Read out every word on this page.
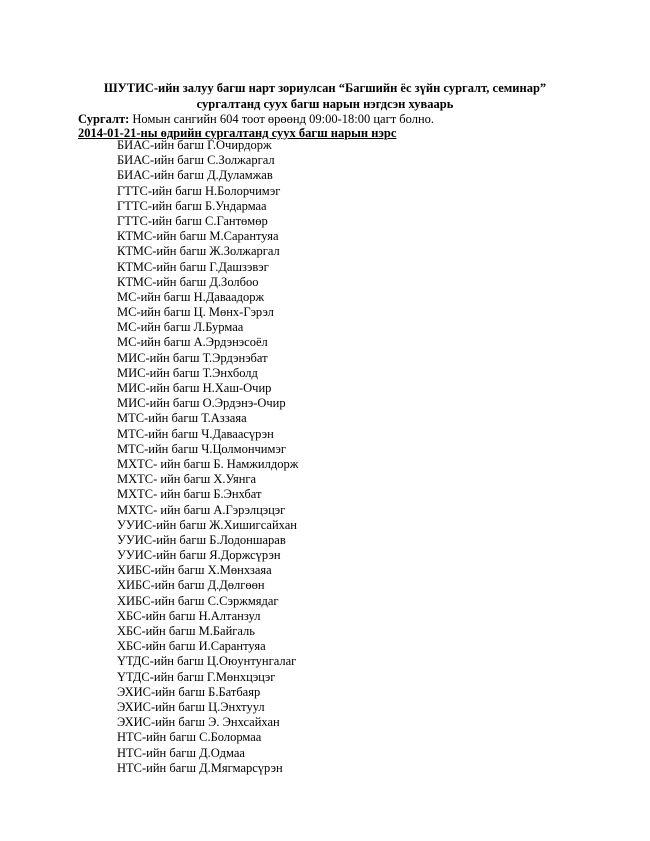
ШУТИС-ийн залуу багш нарт зориулсан “Багшийн ёс зүйн сургалт, семинар”
сургалтанд суух багш нарын нэгдсэн хуваарь
Сургалт: Номын сангийн 604 тоот өрөөнд 09:00-18:00 цагт болно.
2014-01-21-ны өдрийн сургалтанд суух багш нарын нэрс
БИАС-ийн багш Г.Очирдорж
БИАС-ийн багш С.Золжаргал
БИАС-ийн багш Д.Дуламжав
ГТТС-ийн багш Н.Болорчимэг
ГТТС-ийн багш Б.Ундармаа
ГТТС-ийн багш С.Гантөмөр
КТМС-ийн багш М.Сарантуяа
КТМС-ийн багш Ж.Золжаргал
КТМС-ийн багш Г.Дашзэвэг
КТМС-ийн багш Д.Золбоо
МС-ийн багш Н.Даваадорж
МС-ийн багш Ц. Мөнх-Гэрэл
МС-ийн багш Л.Бурмаа
МС-ийн багш А.Эрдэнэсоёл
МИС-ийн багш Т.Эрдэнэбат
МИС-ийн багш Т.Энхболд
МИС-ийн багш Н.Хаш-Очир
МИС-ийн багш О.Эрдэнэ-Очир
МТС-ийн багш Т.Аззаяа
МТС-ийн багш Ч.Даваасүрэн
МТС-ийн багш Ч.Цолмончимэг
МХТС- ийн багш Б. Намжилдорж
МХТС- ийн багш Х.Уянга
МХТС- ийн багш Б.Энхбат
МХТС- ийн багш А.Гэрэлцэцэг
УУИС-ийн багш Ж.Хишигсайхан
УУИС-ийн багш Б.Лодоншарав
УУИС-ийн багш Я.Доржсүрэн
ХИБС-ийн багш Х.Мөнхзаяа
ХИБС-ийн багш Д.Дөлгөөн
ХИБС-ийн багш С.Сэржмядаг
ХБС-ийн багш Н.Алтанзул
ХБС-ийн багш М.Байгаль
ХБС-ийн багш И.Сарантуяа
ҮТДС-ийн багш Ц.Оюунтунгалаг
ҮТДС-ийн багш Г.Мөнхцэцэг
ЭХИС-ийн багш Б.Батбаяр
ЭХИС-ийн багш Ц.Энхтуул
ЭХИС-ийн багш Э. Энхсайхан
НТС-ийн багш С.Болормаа
НТС-ийн багш Д.Одмаа
НТС-ийн багш Д.Мягмарсүрэн
